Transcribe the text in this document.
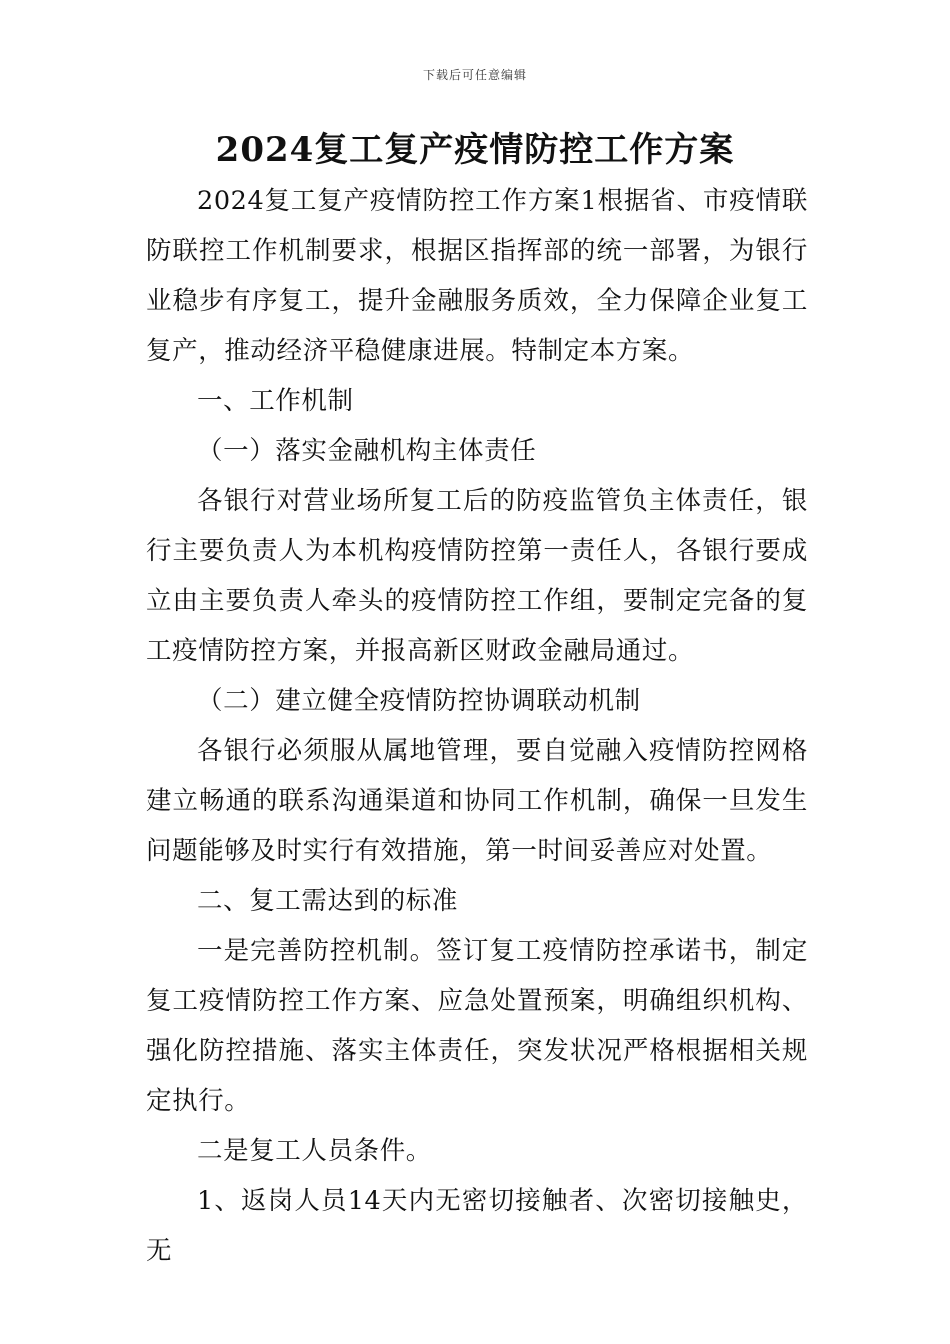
下载后可任意编辑
2024复工复产疫情防控工作方案

2024复工复产疫情防控工作方案1根据省、市疫情联防联控工作机制要求，根据区指挥部的统一部署，为银行业稳步有序复工，提升金融服务质效，全力保障企业复工复产，推动经济平稳健康进展。特制定本方案。

一、工作机制

（一）落实金融机构主体责任

各银行对营业场所复工后的防疫监管负主体责任，银行主要负责人为本机构疫情防控第一责任人，各银行要成立由主要负责人牵头的疫情防控工作组，要制定完备的复工疫情防控方案，并报高新区财政金融局通过。

（二）建立健全疫情防控协调联动机制

各银行必须服从属地管理，要自觉融入疫情防控网格建立畅通的联系沟通渠道和协同工作机制，确保一旦发生问题能够及时实行有效措施，第一时间妥善应对处置。

二、复工需达到的标准

一是完善防控机制。签订复工疫情防控承诺书，制定复工疫情防控工作方案、应急处置预案，明确组织机构、强化防控措施、落实主体责任，突发状况严格根据相关规定执行。

二是复工人员条件。

1、返岗人员14天内无密切接触者、次密切接触史，无
